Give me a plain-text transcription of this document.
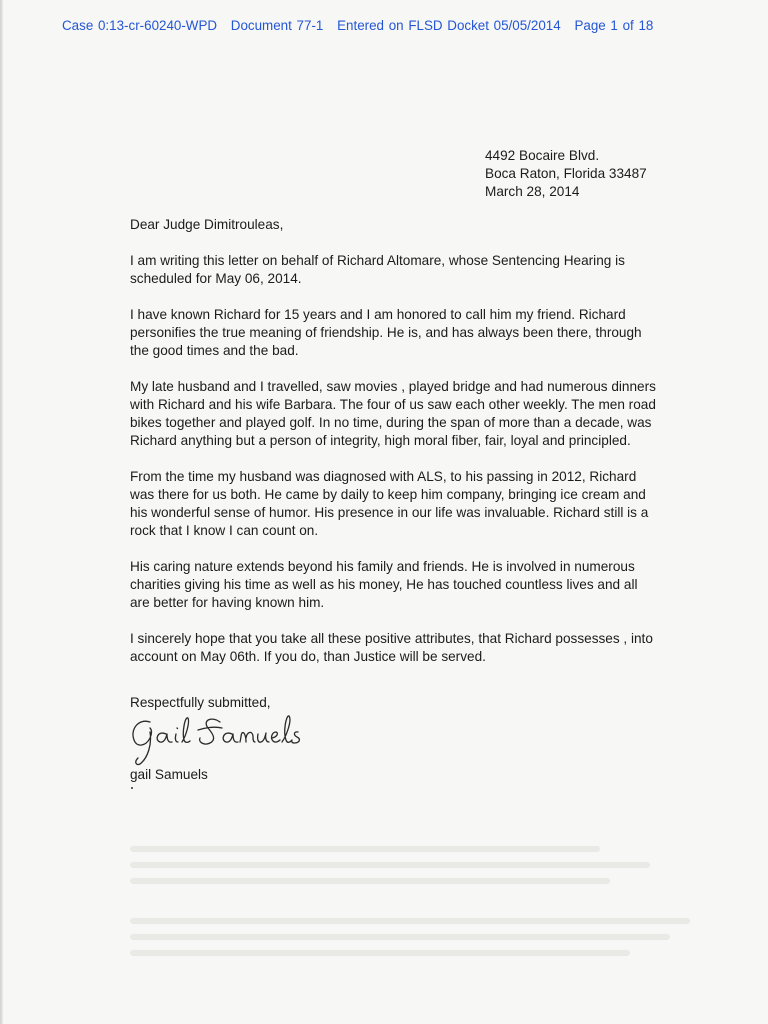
Case 0:13-cr-60240-WPD Document 77-1 Entered on FLSD Docket 05/05/2014 Page 1 of 18
4492 Bocaire Blvd.
Boca Raton, Florida 33487
March 28, 2014

Dear Judge Dimitrouleas,

I am writing this letter on behalf of Richard Altomare, whose Sentencing Hearing is
scheduled for May 06, 2014.

I have known Richard for 15 years and I am honored to call him my friend. Richard
personifies the true meaning of friendship. He is, and has always been there, through
the good times and the bad.

My late husband and I travelled, saw movies , played bridge and had numerous dinners
with Richard and his wife Barbara. The four of us saw each other weekly. The men road
bikes together and played golf. In no time, during the span of more than a decade, was
Richard anything but a person of integrity, high moral fiber, fair, loyal and principled.

From the time my husband was diagnosed with ALS, to his passing in 2012, Richard
was there for us both. He came by daily to keep him company, bringing ice cream and
his wonderful sense of humor. His presence in our life was invaluable. Richard still is a
rock that I know I can count on.

His caring nature extends beyond his family and friends. He is involved in numerous
charities giving his time as well as his money, He has touched countless lives and all
are better for having known him.

I sincerely hope that you take all these positive attributes, that Richard possesses , into
account on May 06th. If you do, than Justice will be served.

Respectfully submitted,
gail Samuels
